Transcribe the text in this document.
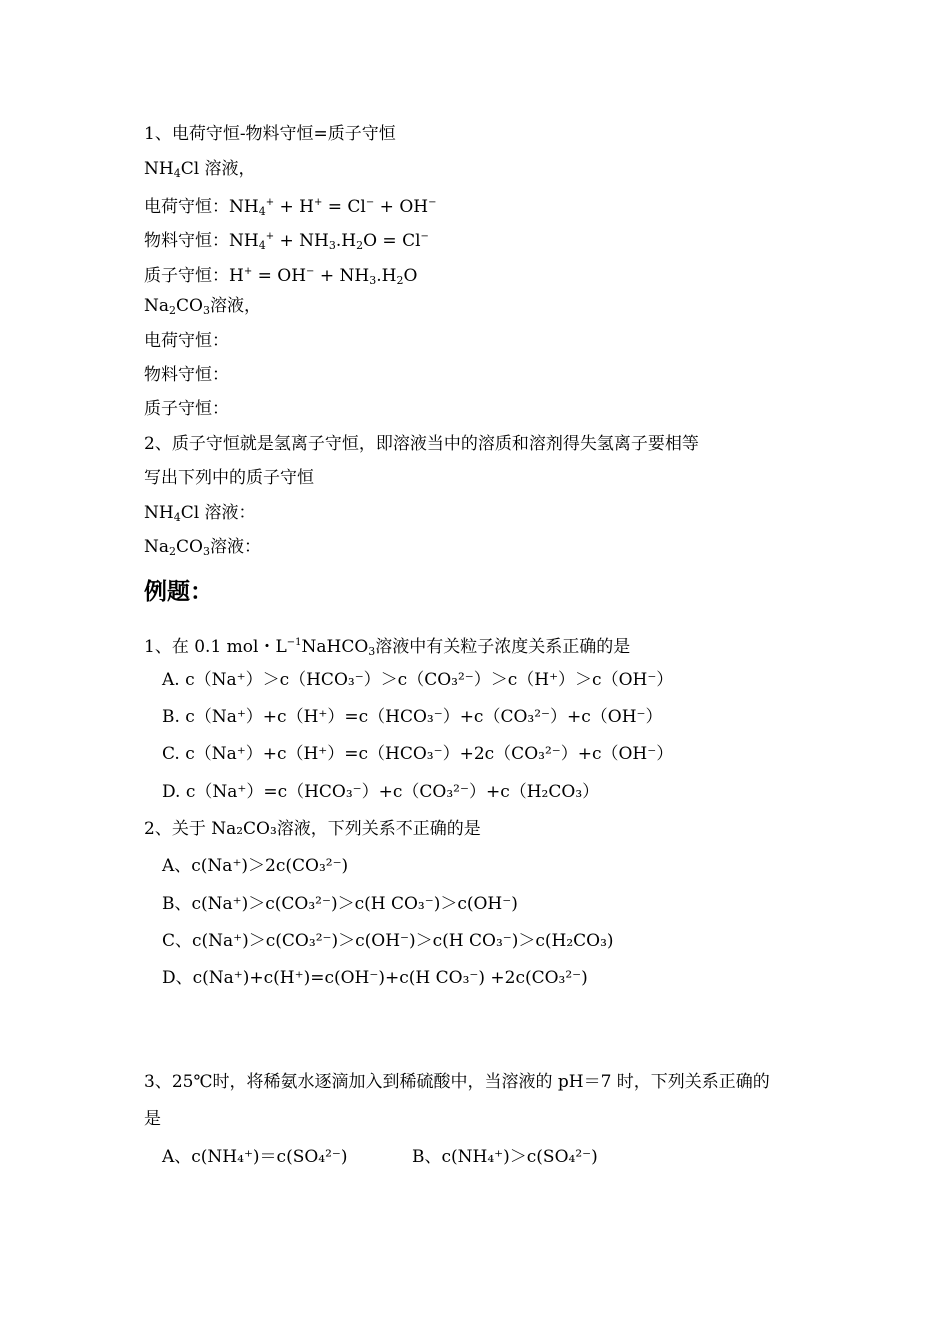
1、电荷守恒-物料守恒=质子守恒
$NH_4Cl$ 溶液，
电荷守恒：$NH_4^+ + H^+ = Cl^- + OH^-$
物料守恒：$NH_4^+ + NH_3.H_2O = Cl^-$
质子守恒：$H^+ = OH^- + NH_3.H_2O$
$Na_2CO_3$溶液，
电荷守恒：
物料守恒：
质子守恒：
2、质子守恒就是氢离子守恒，即溶液当中的溶质和溶剂得失氢离子要相等
写出下列中的质子守恒
$NH_4Cl$ 溶液：
$Na_2CO_3$溶液：
例题：
1、在 0.1 mol・$L^{-1}NaHCO_3$溶液中有关粒子浓度关系正确的是
A. c（Na⁺）＞c（HCO₃⁻）＞c（CO₃²⁻）＞c（H⁺）＞c（OH⁻）
B. c（Na⁺）+c（H⁺）=c（HCO₃⁻）+c（CO₃²⁻）+c（OH⁻）
C. c（Na⁺）+c（H⁺）=c（HCO₃⁻）+2c（CO₃²⁻）+c（OH⁻）
D. c（Na⁺）=c（HCO₃⁻）+c（CO₃²⁻）+c（H₂CO₃）
2、关于 Na₂CO₃溶液，下列关系不正确的是
A、c(Na⁺)＞2c(CO₃²⁻)
B、c(Na⁺)＞c(CO₃²⁻)＞c(H CO₃⁻)＞c(OH⁻)
C、c(Na⁺)＞c(CO₃²⁻)＞c(OH⁻)＞c(H CO₃⁻)＞c(H₂CO₃)
D、c(Na⁺)+c(H⁺)=c(OH⁻)+c(H CO₃⁻) +2c(CO₃²⁻)
3、25℃时，将稀氨水逐滴加入到稀硫酸中，当溶液的 pH＝7 时，下列关系正确的
是
A、c(NH₄⁺)＝c(SO₄²⁻)	B、c(NH₄⁺)＞c(SO₄²⁻)
